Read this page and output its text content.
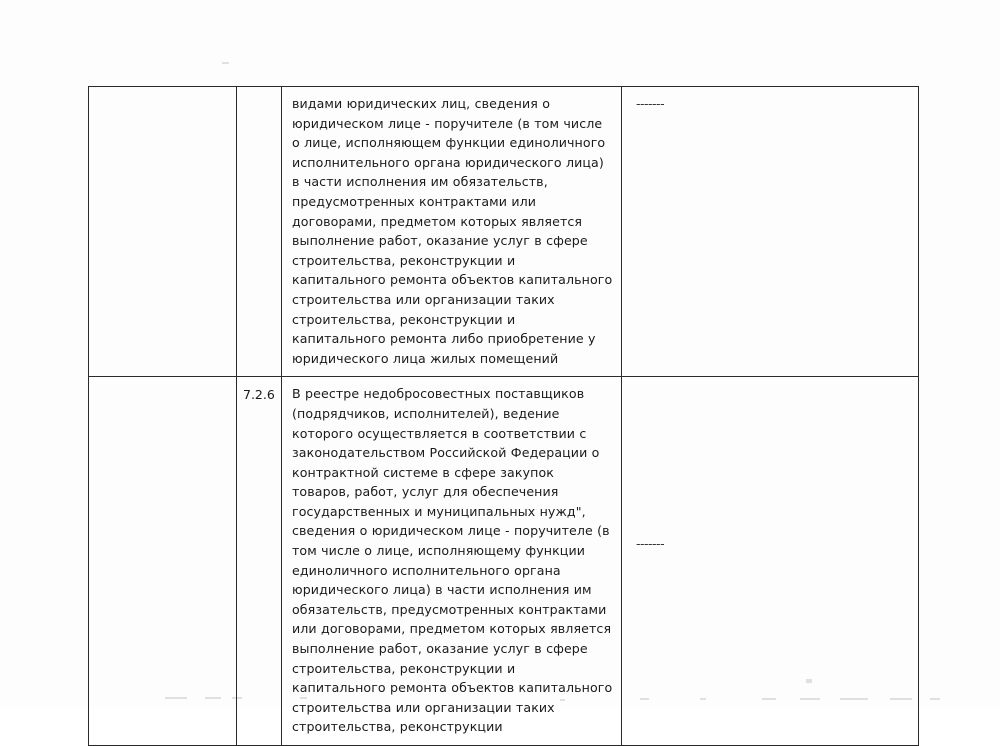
		видами юридических лиц, сведения о юридическом лице - поручителе (в том числе о лице, исполняющем функции единоличного исполнительного органа юридического лица) в части исполнения им обязательств, предусмотренных контрактами или договорами, предметом которых является выполнение работ, оказание услуг в сфере строительства, реконструкции и капитального ремонта объектов капитального строительства или организации таких строительства, реконструкции и капитального ремонта либо приобретение у юридического лица жилых помещений	-------

	7.2.6	В реестре недобросовестных поставщиков (подрядчиков, исполнителей), ведение которого осуществляется в соответствии с законодательством Российской Федерации о контрактной системе в сфере закупок товаров, работ, услуг для обеспечения государственных и муниципальных нужд", сведения о юридическом лице - поручителе (в том числе о лице, исполняющему функции единоличного исполнительного органа юридического лица) в части исполнения им обязательств, предусмотренных контрактами или договорами, предметом которых является выполнение работ, оказание услуг в сфере строительства, реконструкции и капитального ремонта объектов капитального строительства или организации таких строительства, реконструкции	-------
